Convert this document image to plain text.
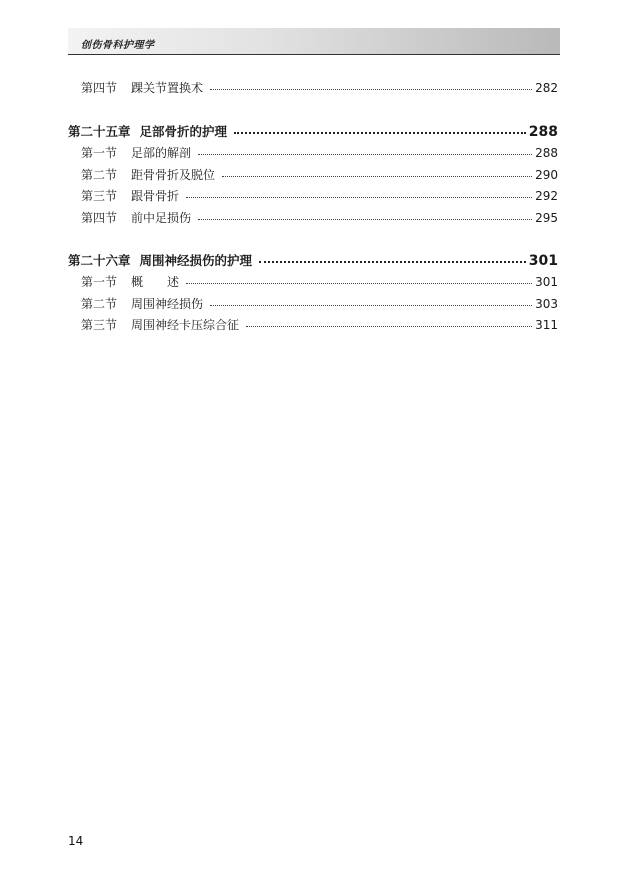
创伤骨科护理学
第四节	踝关节置换术	282
第二十五章 足部骨折的护理	288
第一节	足部的解剖	288
第二节	距骨骨折及脱位	290
第三节	跟骨骨折	292
第四节	前中足损伤	295
第二十六章 周围神经损伤的护理	301
第一节	概　　述	301
第二节	周围神经损伤	303
第三节	周围神经卡压综合征	311
14
